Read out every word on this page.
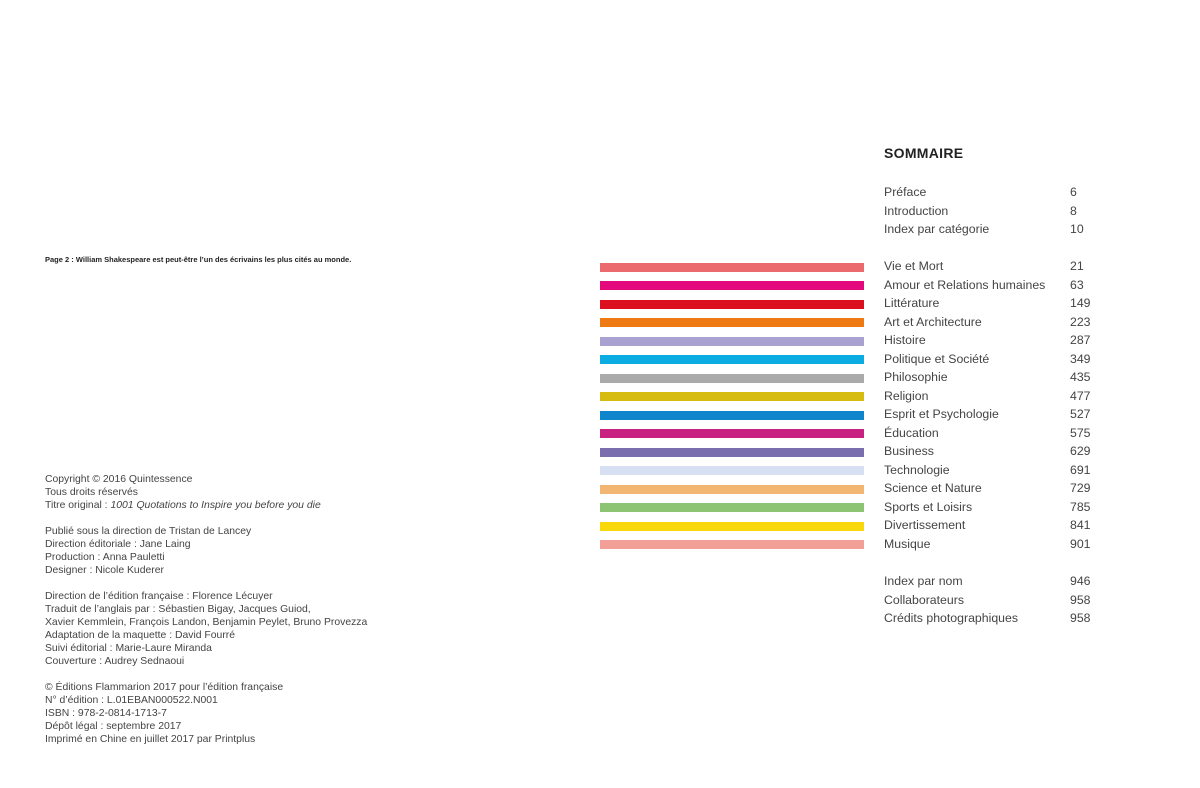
Page 2 : William Shakespeare est peut-être l’un des écrivains les plus cités au monde.
Copyright © 2016 Quintessence
Tous droits réservés
Titre original : 1001 Quotations to Inspire you before you die
Publié sous la direction de Tristan de Lancey
Direction éditoriale : Jane Laing
Production : Anna Pauletti
Designer : Nicole Kuderer
Direction de l’édition française : Florence Lécuyer
Traduit de l’anglais par : Sébastien Bigay, Jacques Guiod,
Xavier Kemmlein, François Landon, Benjamin Peylet, Bruno Provezza
Adaptation de la maquette : David Fourré
Suivi éditorial : Marie-Laure Miranda
Couverture : Audrey Sednaoui
© Éditions Flammarion 2017 pour l’édition française
N° d’édition : L.01EBAN000522.N001
ISBN : 978-2-0814-1713-7
Dépôt légal : septembre 2017
Imprimé en Chine en juillet 2017 par Printplus
SOMMAIRE
Préface	6
Introduction	8
Index par catégorie	10
Vie et Mort	21
Amour et Relations humaines 63
Littérature	149
Art et Architecture	223
Histoire	287
Politique et Société	349
Philosophie	435
Religion	477
Esprit et Psychologie	527
Éducation	575
Business	629
Technologie	691
Science et Nature	729
Sports et Loisirs	785
Divertissement	841
Musique	901
Index par nom	946
Collaborateurs	958
Crédits photographiques	958
